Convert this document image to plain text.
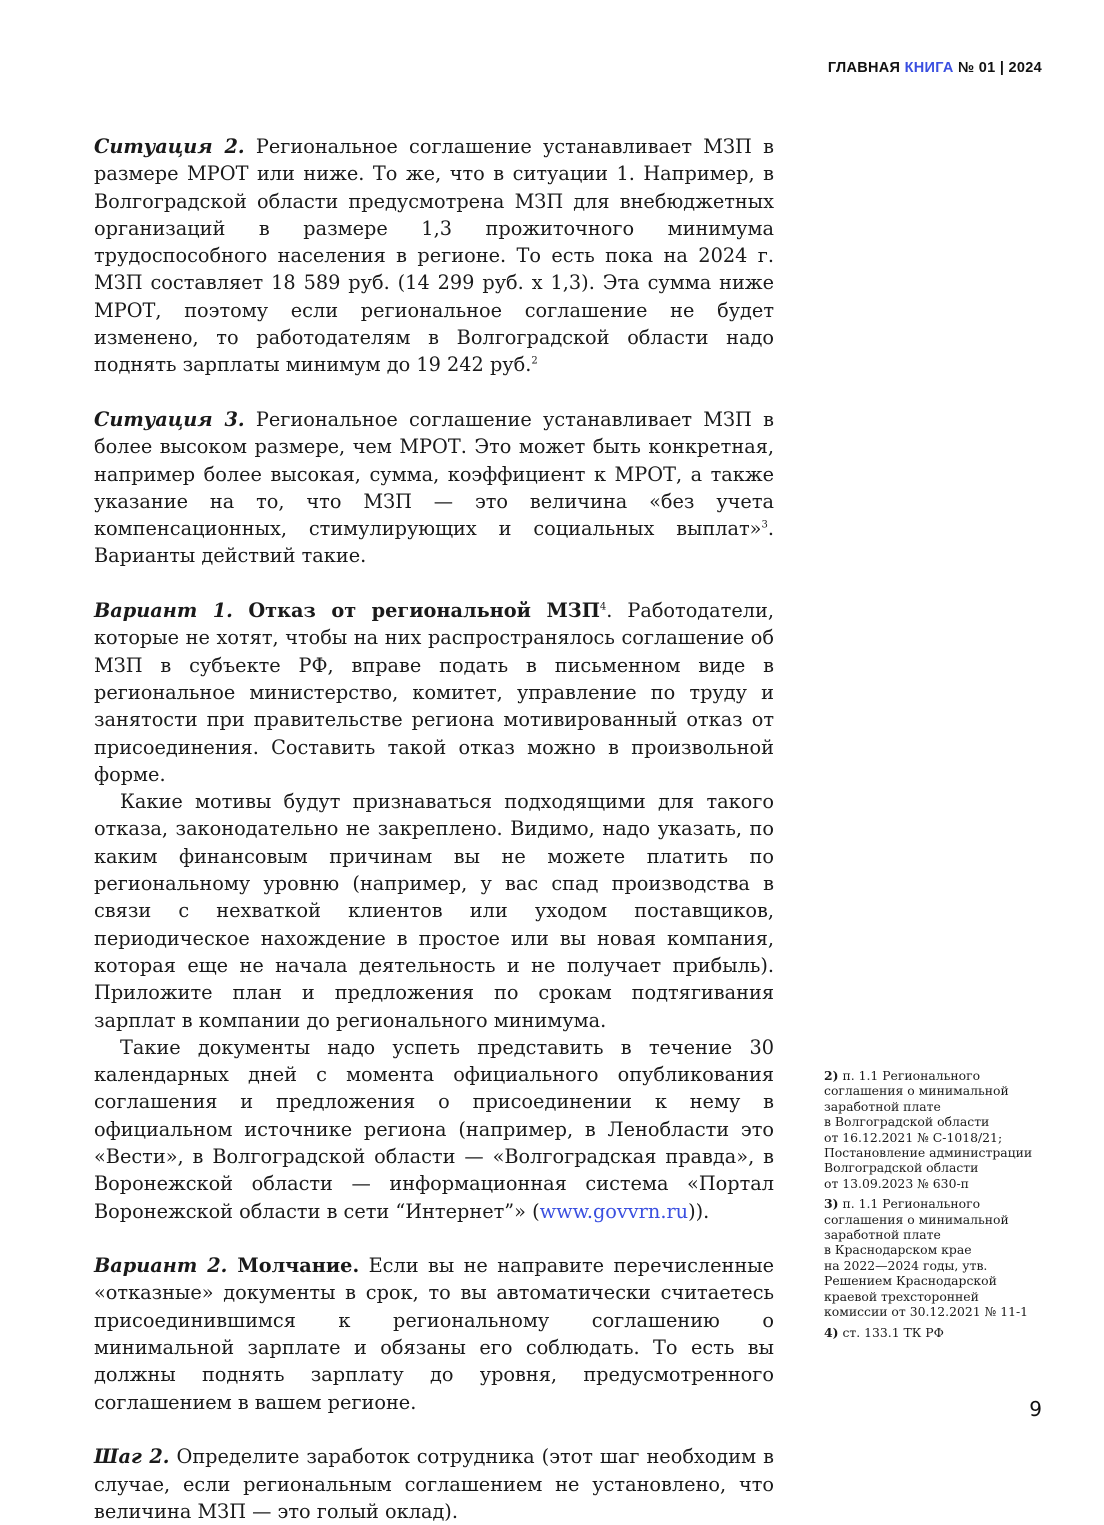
ГЛАВНАЯ КНИГА № 01 | 2024

Ситуация 2. Региональное соглашение устанавливает МЗП в размере МРОТ или ниже. То же, что в ситуации 1. Например, в Волгоградской области предусмотрена МЗП для внебюджетных организаций в размере 1,3 прожиточного минимума трудоспособного населения в регионе. То есть пока на 2024 г. МЗП составляет 18 589 руб. (14 299 руб. х 1,3). Эта сумма ниже МРОТ, поэтому если региональное соглашение не будет изменено, то работодателям в Волгоградской области надо поднять зарплаты минимум до 19 242 руб.$^2$

Ситуация 3. Региональное соглашение устанавливает МЗП в более высоком размере, чем МРОТ. Это может быть конкретная, например более высокая, сумма, коэффициент к МРОТ, а также указание на то, что МЗП — это величина «без учета компенсационных, стимулирующих и социальных выплат»$^3$. Варианты действий такие.

Вариант 1. Отказ от региональной МЗП$^4$. Работодатели, которые не хотят, чтобы на них распространялось соглашение об МЗП в субъекте РФ, вправе подать в письменном виде в региональное министерство, комитет, управление по труду и занятости при правительстве региона мотивированный отказ от присоединения. Составить такой отказ можно в произвольной форме.

Какие мотивы будут признаваться подходящими для такого отказа, законодательно не закреплено. Видимо, надо указать, по каким финансовым причинам вы не можете платить по региональному уровню (например, у вас спад производства в связи с нехваткой клиентов или уходом поставщиков, периодическое нахождение в простое или вы новая компания, которая еще не начала деятельность и не получает прибыль). Приложите план и предложения по срокам подтягивания зарплат в компании до регионального минимума.

Такие документы надо успеть представить в течение 30 календарных дней с момента официального опубликования соглашения и предложения о присоединении к нему в официальном источнике региона (например, в Ленобласти это «Вести», в Волгоградской области — «Волгоградская правда», в Воронежской области — информационная система «Портал Воронежской области в сети “Интернет”» (www.govvrn.ru)).

Вариант 2. Молчание. Если вы не направите перечисленные «отказные» документы в срок, то вы автоматически считаетесь присоединившимся к региональному соглашению о минимальной зарплате и обязаны его соблюдать. То есть вы должны поднять зарплату до уровня, предусмотренного соглашением в вашем регионе.

Шаг 2. Определите заработок сотрудника (этот шаг необходим в случае, если региональным соглашением не установлено, что величина МЗП — это голый оклад).

2) п. 1.1 Регионального
соглашения о минимальной
заработной плате
в Волгоградской области
от 16.12.2021 № С-1018/21;
Постановление администрации
Волгоградской области
от 13.09.2023 № 630-п
3) п. 1.1 Регионального
соглашения о минимальной
заработной плате
в Краснодарском крае
на 2022—2024 годы, утв.
Решением Краснодарской
краевой трехсторонней
комиссии от 30.12.2021 № 11-1
4) ст. 133.1 ТК РФ
9
